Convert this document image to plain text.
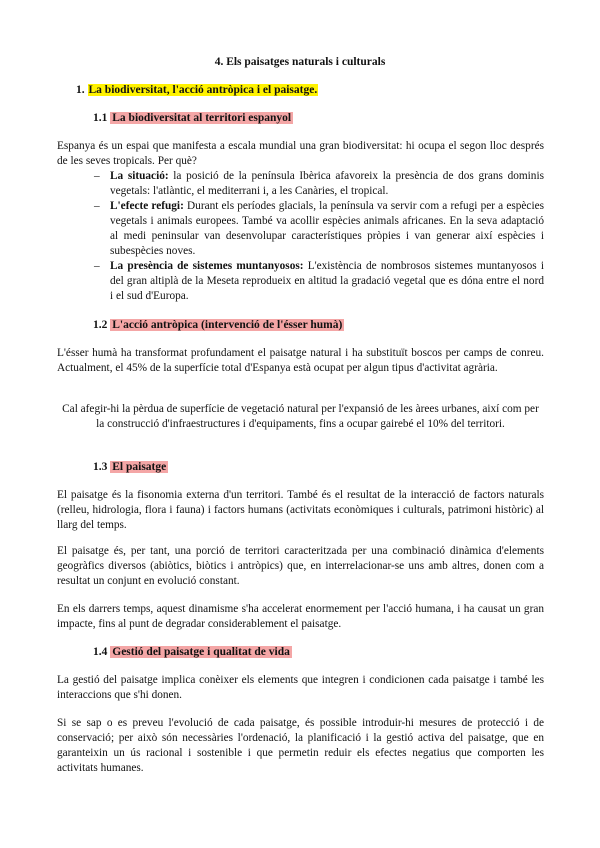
4. Els paisatges naturals i culturals

1. La biodiversitat, l'acció antròpica i el paisatge.

1.1 La biodiversitat al territori espanyol

Espanya és un espai que manifesta a escala mundial una gran biodiversitat: hi ocupa el segon lloc després de les seves tropicals. Per què?

– La situació: la posició de la península Ibèrica afavoreix la presència de dos grans dominis vegetals: l'atlàntic, el mediterrani i, a les Canàries, el tropical.
– L'efecte refugi: Durant els períodes glacials, la península va servir com a refugi per a espècies vegetals i animals europees. També va acollir espècies animals africanes. En la seva adaptació al medi peninsular van desenvolupar característiques pròpies i van generar així espècies i subespècies noves.
– La presència de sistemes muntanyosos: L'existència de nombrosos sistemes muntanyosos i del gran altiplà de la Meseta reprodueix en altitud la gradació vegetal que es dóna entre el nord i el sud d'Europa.

1.2 L'acció antròpica (intervenció de l'ésser humà)

L'ésser humà ha transformat profundament el paisatge natural i ha substituït boscos per camps de conreu. Actualment, el 45% de la superfície total d'Espanya està ocupat per algun tipus d'activitat agrària.

Cal afegir-hi la pèrdua de superfície de vegetació natural per l'expansió de les àrees urbanes, així com per la construcció d'infraestructures i d'equipaments, fins a ocupar gairebé el 10% del territori.

1.3 El paisatge

El paisatge és la fisonomia externa d'un territori. També és el resultat de la interacció de factors naturals (relleu, hidrologia, flora i fauna) i factors humans (activitats econòmiques i culturals, patrimoni històric) al llarg del temps.

El paisatge és, per tant, una porció de territori caracteritzada per una combinació dinàmica d'elements geogràfics diversos (abiòtics, biòtics i antròpics) que, en interrelacionar-se uns amb altres, donen com a resultat un conjunt en evolució constant.

En els darrers temps, aquest dinamisme s'ha accelerat enormement per l'acció humana, i ha causat un gran impacte, fins al punt de degradar considerablement el paisatge.

1.4 Gestió del paisatge i qualitat de vida

La gestió del paisatge implica conèixer els elements que integren i condicionen cada paisatge i també les interaccions que s'hi donen.

Si se sap o es preveu l'evolució de cada paisatge, és possible introduir-hi mesures de protecció i de conservació; per això són necessàries l'ordenació, la planificació i la gestió activa del paisatge, que en garanteixin un ús racional i sostenible i que permetin reduir els efectes negatius que comporten les activitats humanes.
